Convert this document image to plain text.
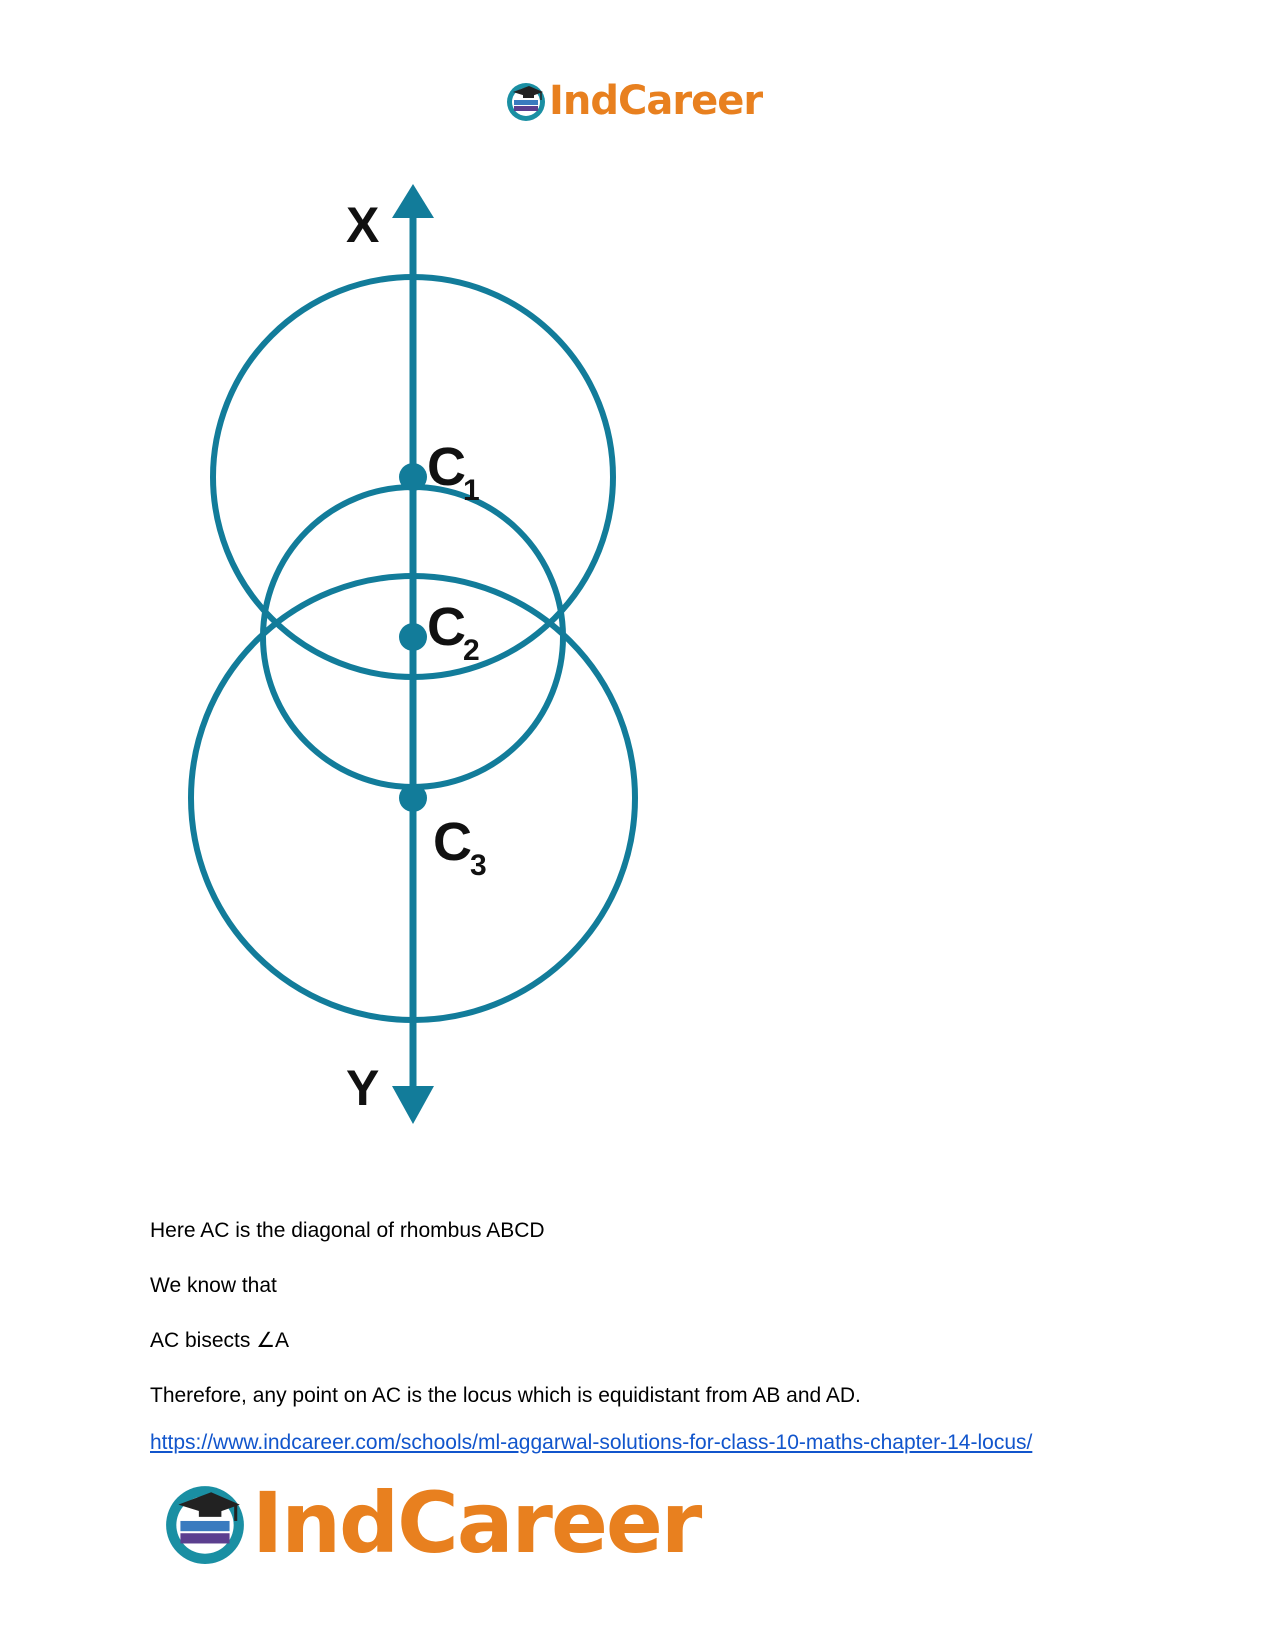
IndCareer
X
Y
C
1
C
2
C
3
Here AC is the diagonal of rhombus ABCD
We know that
AC bisects ∠A
Therefore, any point on AC is the locus which is equidistant from AB and AD.
https://www.indcareer.com/schools/ml-aggarwal-solutions-for-class-10-maths-chapter-14-locus/
IndCareer
